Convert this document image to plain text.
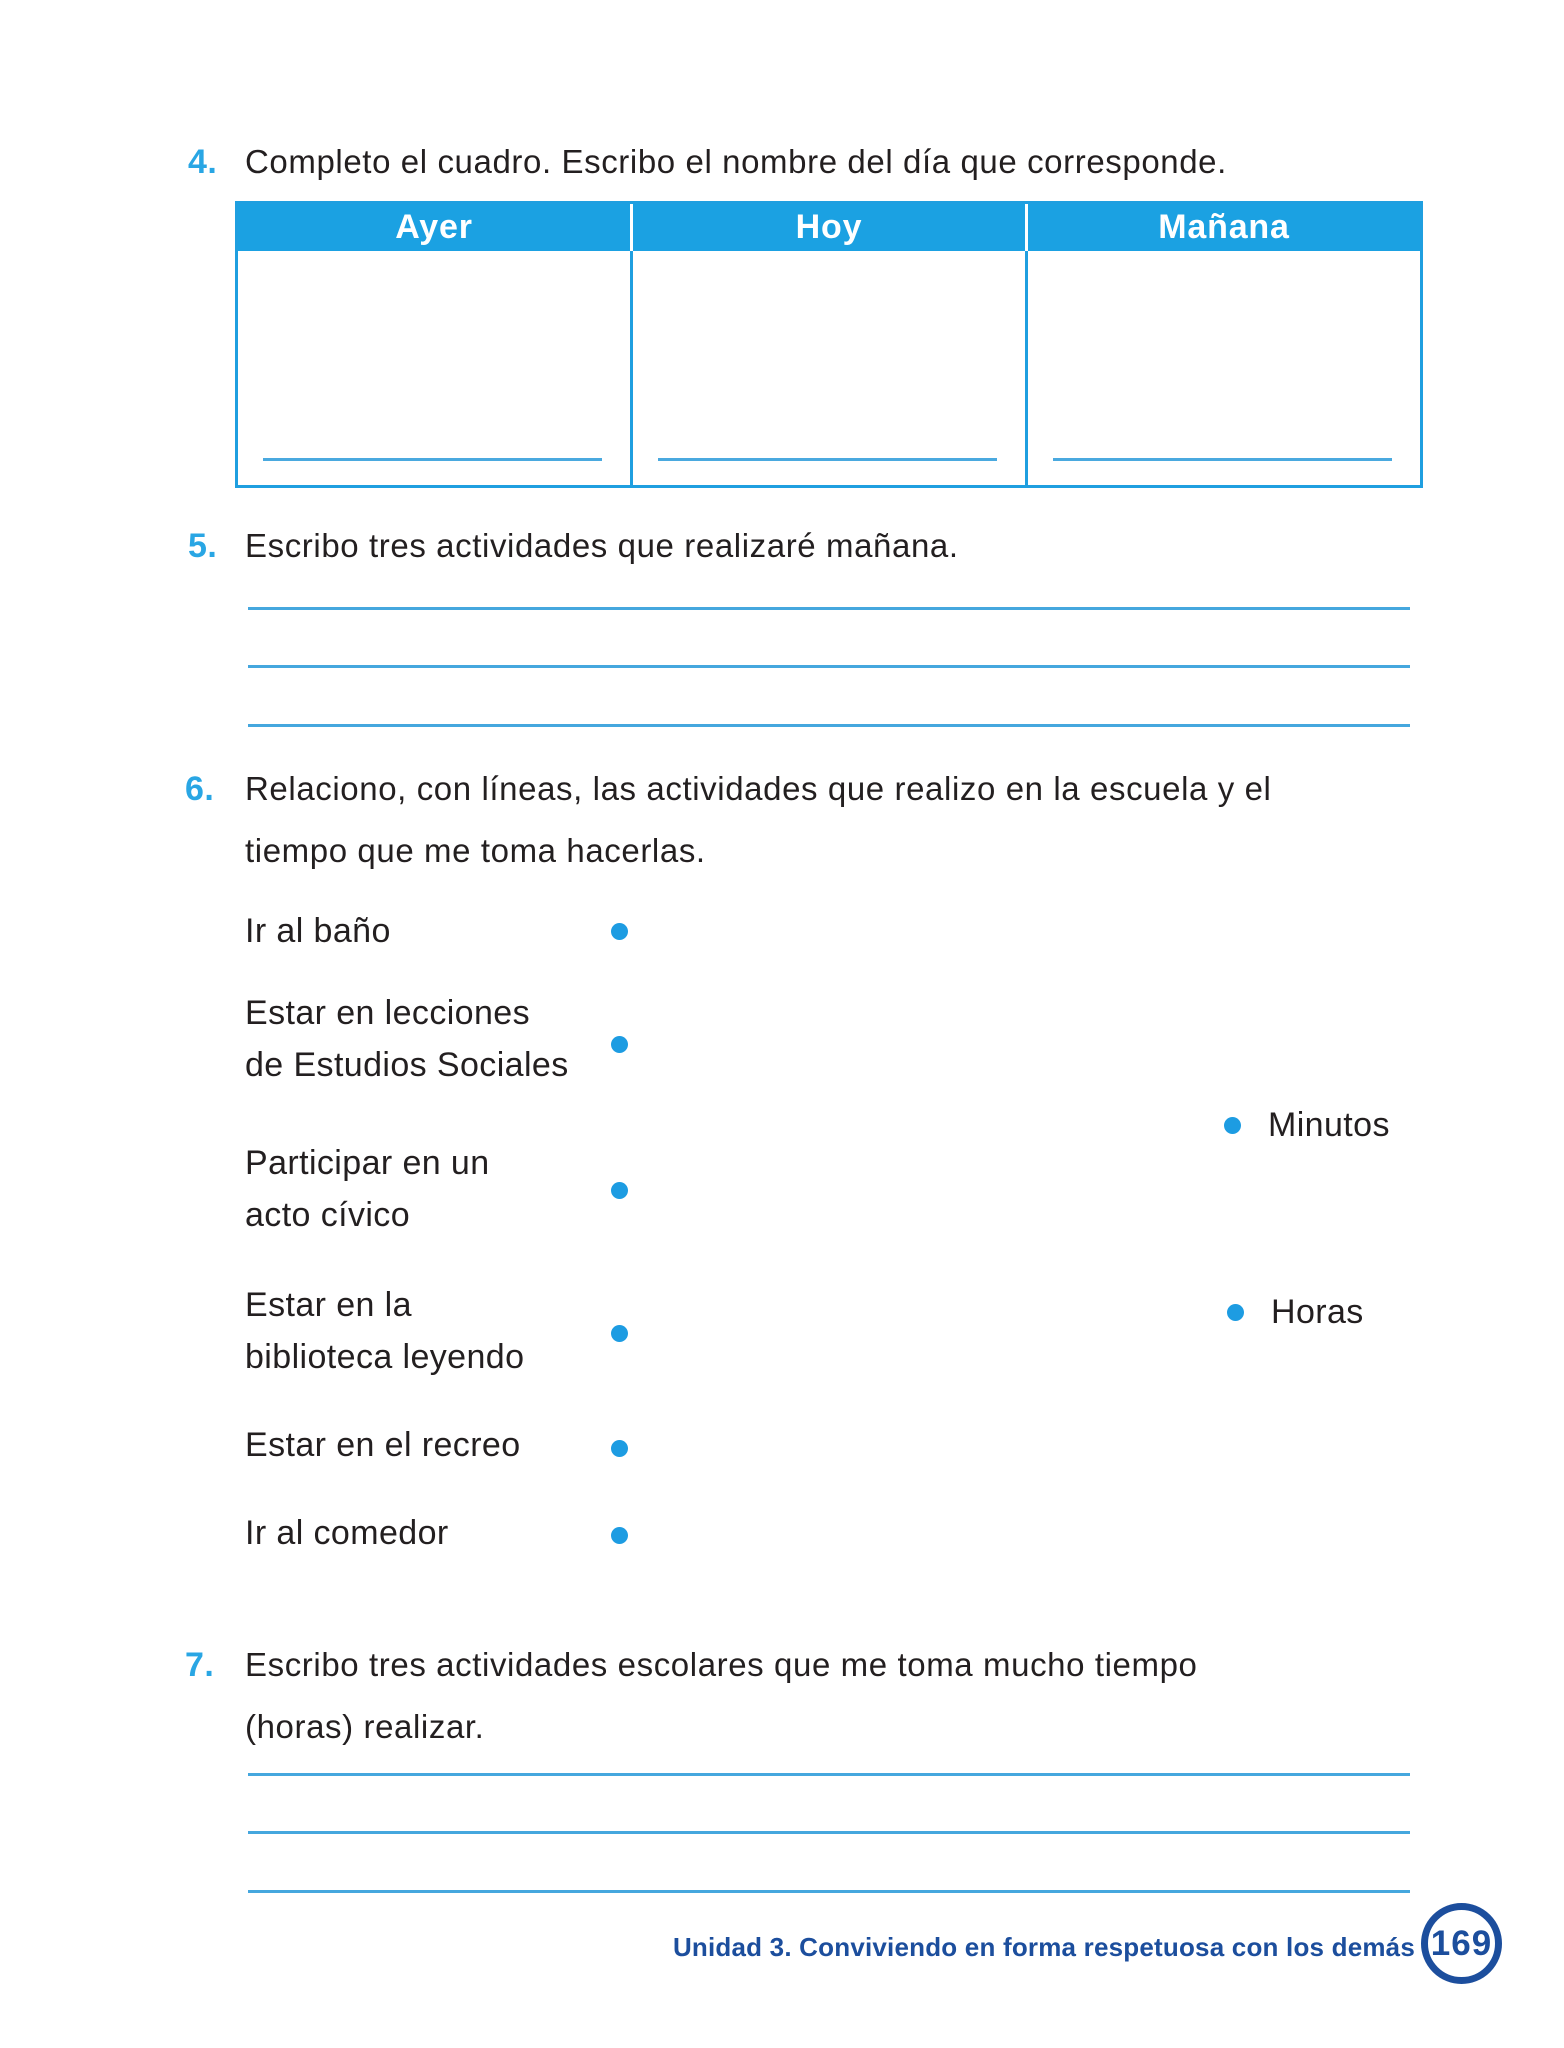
4. Completo el cuadro. Escribo el nombre del día que corresponde.
Ayer	Hoy	Mañana
5. Escribo tres actividades que realizaré mañana.
6. Relaciono, con líneas, las actividades que realizo en la escuela y el
tiempo que me toma hacerlas.
Ir al baño
Estar en lecciones
de Estudios Sociales
Participar en un
acto cívico
Estar en la
biblioteca leyendo
Estar en el recreo
Ir al comedor
Minutos
Horas
7. Escribo tres actividades escolares que me toma mucho tiempo
(horas) realizar.
Unidad 3. Conviviendo en forma respetuosa con los demás 169
